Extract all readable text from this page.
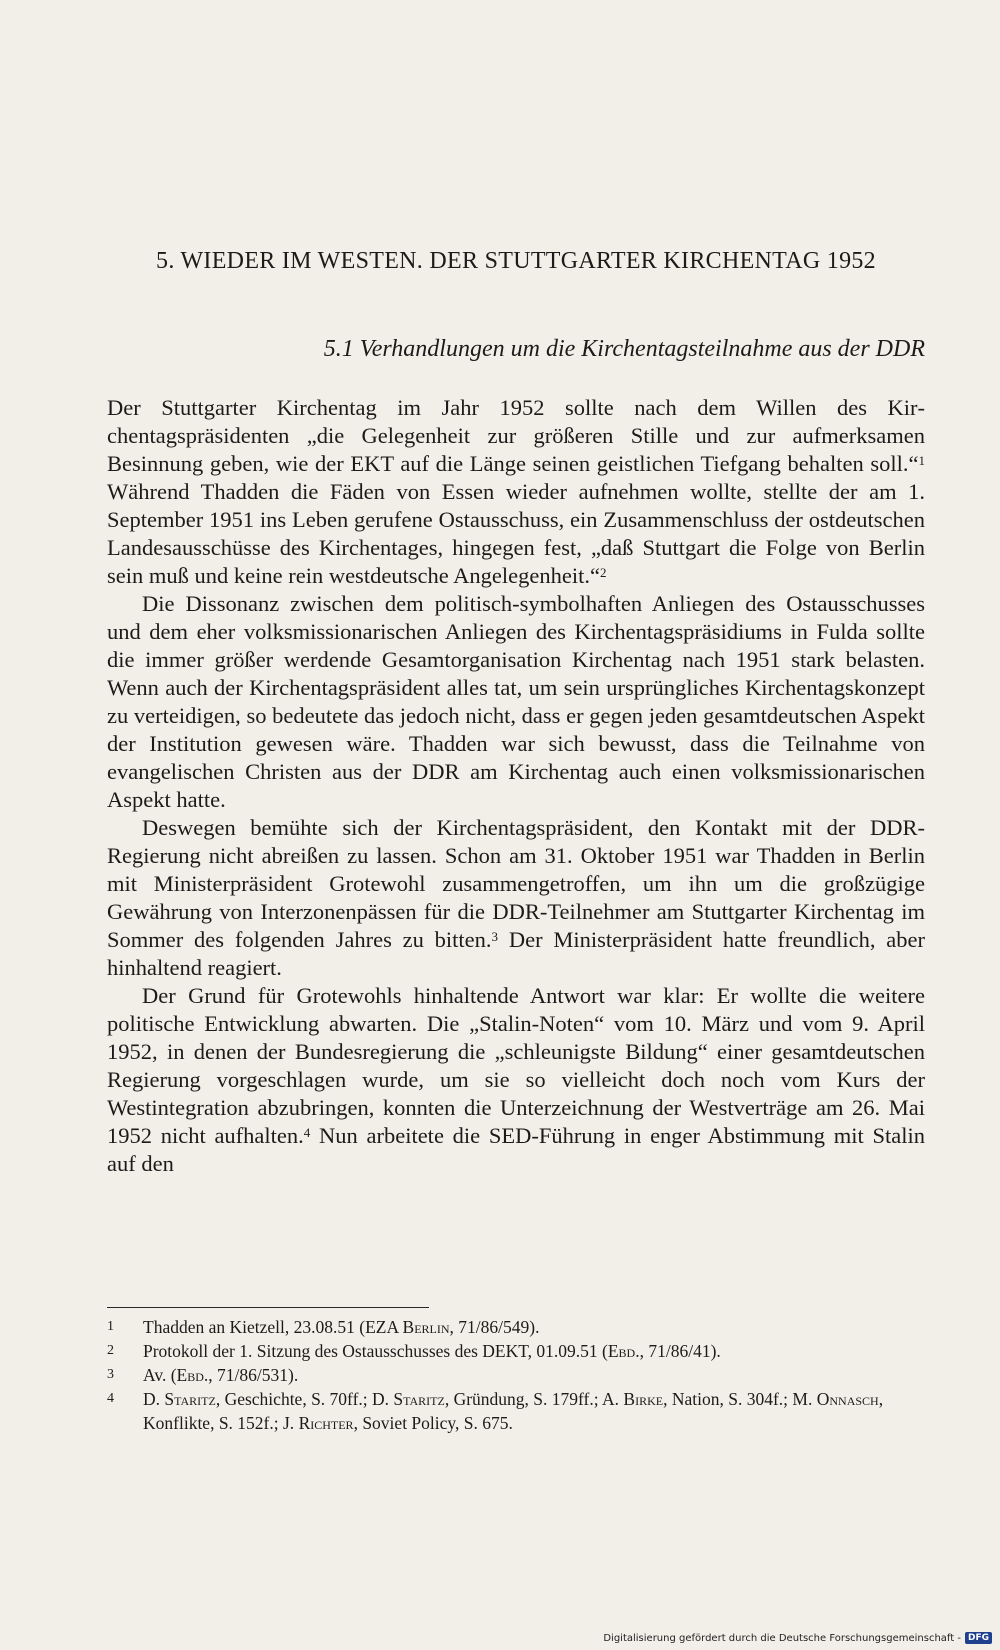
5. WIEDER IM WESTEN. DER STUTTGARTER KIRCHENTAG 1952
5.1 Verhandlungen um die Kirchentagsteilnahme aus der DDR

Der Stuttgarter Kirchentag im Jahr 1952 sollte nach dem Willen des Kirchentagspräsidenten „die Gelegenheit zur größeren Stille und zur aufmerksamen Besinnung geben, wie der EKT auf die Länge seinen geistlichen Tiefgang behalten soll.“$^1$ Während Thadden die Fäden von Essen wieder aufnehmen wollte, stellte der am 1. September 1951 ins Leben gerufene Ostausschuss, ein Zusammenschluss der ostdeutschen Landesausschüsse des Kirchentages, hingegen fest, „daß Stuttgart die Folge von Berlin sein muß und keine rein westdeutsche Angelegenheit.“$^2$

Die Dissonanz zwischen dem politisch-symbolhaften Anliegen des Ostausschusses und dem eher volksmissionarischen Anliegen des Kirchentagspräsidiums in Fulda sollte die immer größer werdende Gesamtorganisation Kirchentag nach 1951 stark belasten. Wenn auch der Kirchentagspräsident alles tat, um sein ursprüngliches Kirchentagskonzept zu verteidigen, so bedeutete das jedoch nicht, dass er gegen jeden gesamtdeutschen Aspekt der Institution gewesen wäre. Thadden war sich bewusst, dass die Teilnahme von evangelischen Christen aus der DDR am Kirchentag auch einen volksmissionarischen Aspekt hatte.

Deswegen bemühte sich der Kirchentagspräsident, den Kontakt mit der DDR-Regierung nicht abreißen zu lassen. Schon am 31. Oktober 1951 war Thadden in Berlin mit Ministerpräsident Grotewohl zusammengetroffen, um ihn um die großzügige Gewährung von Interzonenpässen für die DDR-Teilnehmer am Stuttgarter Kirchentag im Sommer des folgenden Jahres zu bitten.$^3$ Der Ministerpräsident hatte freundlich, aber hinhaltend reagiert.

Der Grund für Grotewohls hinhaltende Antwort war klar: Er wollte die weitere politische Entwicklung abwarten. Die „Stalin-Noten“ vom 10. März und vom 9. April 1952, in denen der Bundesregierung die „schleunigste Bildung“ einer gesamtdeutschen Regierung vorgeschlagen wurde, um sie so vielleicht doch noch vom Kurs der Westintegration abzubringen, konnten die Unterzeichnung der Westverträge am 26. Mai 1952 nicht aufhalten.$^4$ Nun arbeitete die SED-Führung in enger Abstimmung mit Stalin auf den

1	Thadden an Kietzell, 23.08.51 (EZA Berlin, 71/86/549).
2	Protokoll der 1. Sitzung des Ostausschusses des DEKT, 01.09.51 (Ebd., 71/86/41).
3	Av. (Ebd., 71/86/531).
4	D. Staritz, Geschichte, S. 70ff.; D. Staritz, Gründung, S. 179ff.; A. Birke, Nation, S. 304f.; M. Onnasch, Konflikte, S. 152f.; J. Richter, Soviet Policy, S. 675.
Digitalisierung gefördert durch die Deutsche Forschungsgemeinschaft - DFG
